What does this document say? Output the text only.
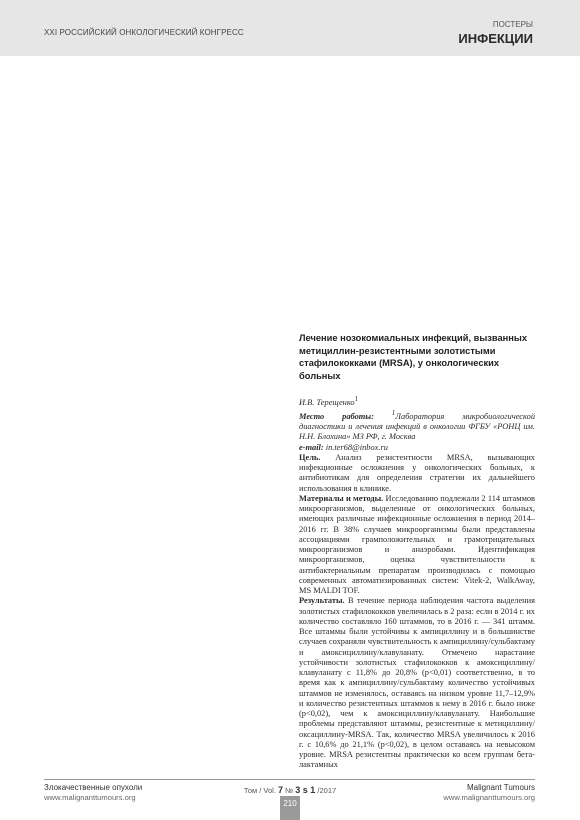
XXI РОССИЙСКИЙ ОНКОЛОГИЧЕСКИЙ КОНГРЕСС
ПОСТЕРЫ
ИНФЕКЦИИ
Лечение нозокомиальных инфекций, вызванных метициллин-резистентными золотистыми стафилококками (MRSA), у онкологических больных

И.В. Терещенко$^1$

Место работы:	$^1$Лаборатория микробиологической диагностики и лечения инфекций в онкологии ФГБУ «РОНЦ им. Н.Н. Блохина» МЗ РФ, г. Москва

e-mail: in.ter68@inbox.ru

Цель. Анализ резистентности MRSA, вызывающих инфекционные осложнения у онкологических больных, к антибиотикам для определения стратегии их дальнейшего использования в клинике.

Материалы и методы. Исследованию подлежали 2 114 штаммов микроорганизмов, выделенные от онкологических больных, имеющих различные инфекционные осложнения в период 2014–2016 гг. В 38% случаев микроорганизмы были представлены ассоциациями грамположительных и грамотрицательных микроорганизмов и анаэробами. Идентификация микроорганизмов, оценка чувствительности к антибактериальным препаратам производилась с помощью современных автоматизированных систем: Vitek-2, WalkAway, MS MALDI TOF.

Результаты. В течение периода наблюдения частота выделения золотистых стафилококков увеличилась в 2 раза: если в 2014 г. их количество составляло 160 штаммов, то в 2016 г. — 341 штамм. Все штаммы были устойчивы к ампициллину и в большинстве случаев сохраняли чувствительность к ампициллину/сульбактаму и амоксициллину/клавуланату. Отмечено нарастание устойчивости золотистых стафилококков к амоксициллину/клавуланату с 11,8% до 20,8% (p<0,01) соответственно, в то время как к ампициллину/сульбактаму количество устойчивых штаммов не изменялось, оставаясь на низком уровне 11,7–12,9% и количество резистентных штаммов к нему в 2016 г. было ниже (p<0,02), чем к амоксициллину/клавуланату. Наибольшие проблемы представляют штаммы, резистентные к метициллину/оксациллину-MRSA. Так, количество MRSA увеличилось к 2016 г. с 10,6% до 21,1% (p<0,02), в целом оставаясь на невысоком уровне. MRSA резистентны практически ко всем группам бета-лактамных

Злокачественные опухоли
www.malignanttumours.org
Том / Vol. 7 № 3 s 1 /2017
210
Malignant Tumours
www.malignanttumours.org
